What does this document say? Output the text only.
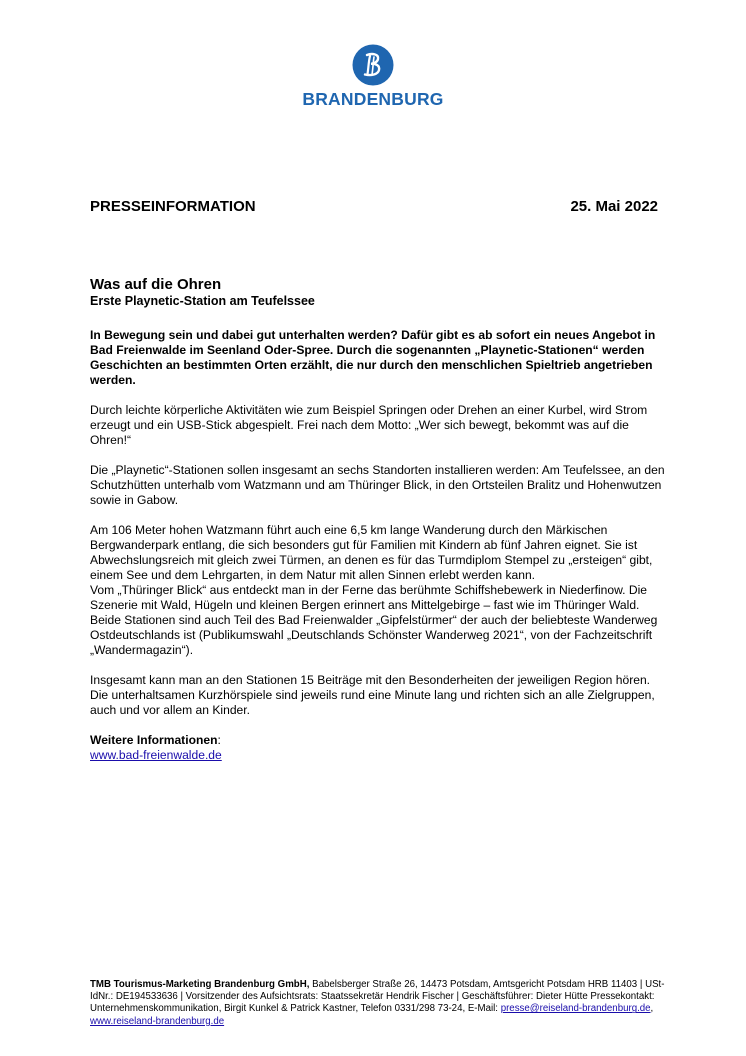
BRANDENBURG
PRESSEINFORMATION	25. Mai 2022
Was auf die Ohren

Erste Playnetic-Station am Teufelssee

In Bewegung sein und dabei gut unterhalten werden? Dafür gibt es ab sofort ein neues Angebot in Bad Freienwalde im Seenland Oder-Spree. Durch die sogenannten „Playnetic-Stationen“ werden Geschichten an bestimmten Orten erzählt, die nur durch den menschlichen Spieltrieb angetrieben werden.

Durch leichte körperliche Aktivitäten wie zum Beispiel Springen oder Drehen an einer Kurbel, wird Strom erzeugt und ein USB-Stick abgespielt. Frei nach dem Motto: „Wer sich bewegt, bekommt was auf die Ohren!“

Die „Playnetic“-Stationen sollen insgesamt an sechs Standorten installieren werden: Am Teufelssee, an den Schutzhütten unterhalb vom Watzmann und am Thüringer Blick, in den Ortsteilen Bralitz und Hohenwutzen sowie in Gabow.

Am 106 Meter hohen Watzmann führt auch eine 6,5 km lange Wanderung durch den Märkischen Bergwanderpark entlang, die sich besonders gut für Familien mit Kindern ab fünf Jahren eignet. Sie ist Abwechslungsreich mit gleich zwei Türmen, an denen es für das Turmdiplom Stempel zu „ersteigen“ gibt, einem See und dem Lehrgarten, in dem Natur mit allen Sinnen erlebt werden kann.

Vom „Thüringer Blick“ aus entdeckt man in der Ferne das berühmte Schiffshebewerk in Niederfinow. Die Szenerie mit Wald, Hügeln und kleinen Bergen erinnert ans Mittelgebirge – fast wie im Thüringer Wald.

Beide Stationen sind auch Teil des Bad Freienwalder „Gipfelstürmer“ der auch der beliebteste Wanderweg Ostdeutschlands ist (Publikumswahl „Deutschlands Schönster Wanderweg 2021“, von der Fachzeitschrift „Wandermagazin“).

Insgesamt kann man an den Stationen 15 Beiträge mit den Besonderheiten der jeweiligen Region hören. Die unterhaltsamen Kurzhörspiele sind jeweils rund eine Minute lang und richten sich an alle Zielgruppen, auch und vor allem an Kinder.

Weitere Informationen:

www.bad-freienwalde.de

TMB Tourismus-Marketing Brandenburg GmbH, Babelsberger Straße 26, 14473 Potsdam, Amtsgericht Potsdam HRB 11403 | USt-IdNr.: DE194533636 | Vorsitzender des Aufsichtsrats: Staatssekretär Hendrik Fischer | Geschäftsführer: Dieter Hütte Pressekontakt: Unternehmenskommunikation, Birgit Kunkel & Patrick Kastner, Telefon 0331/298 73-24, E-Mail: presse@reiseland-brandenburg.de, www.reiseland-brandenburg.de
